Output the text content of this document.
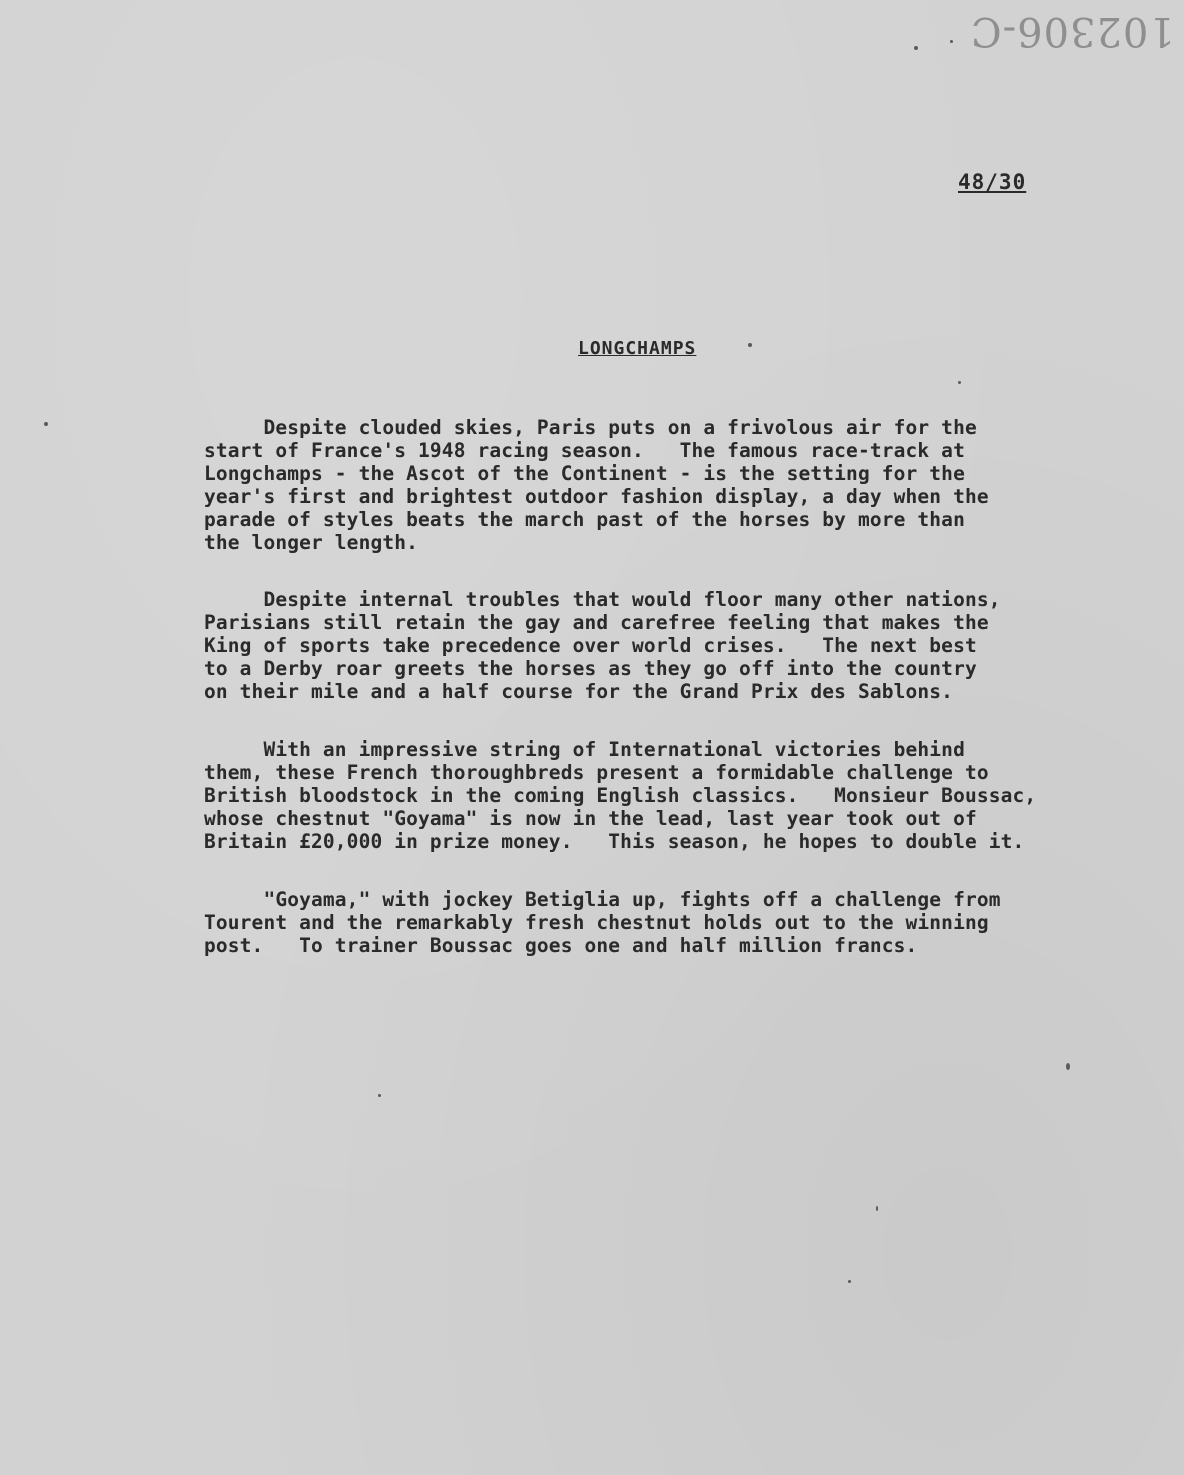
102306-C
48/30
LONGCHAMPS

Despite clouded skies, Paris puts on a frivolous air for the
start of France's 1948 racing season.   The famous race-track at
Longchamps - the Ascot of the Continent - is the setting for the
year's first and brightest outdoor fashion display, a day when the
parade of styles beats the march past of the horses by more than
the longer length.

Despite internal troubles that would floor many other nations,
Parisians still retain the gay and carefree feeling that makes the
King of sports take precedence over world crises.   The next best
to a Derby roar greets the horses as they go off into the country
on their mile and a half course for the Grand Prix des Sablons.

With an impressive string of International victories behind
them, these French thoroughbreds present a formidable challenge to
British bloodstock in the coming English classics.   Monsieur Boussac,
whose chestnut "Goyama" is now in the lead, last year took out of
Britain £20,000 in prize money.   This season, he hopes to double it.

"Goyama," with jockey Betiglia up, fights off a challenge from
Tourent and the remarkably fresh chestnut holds out to the winning
post.   To trainer Boussac goes one and half million francs.
